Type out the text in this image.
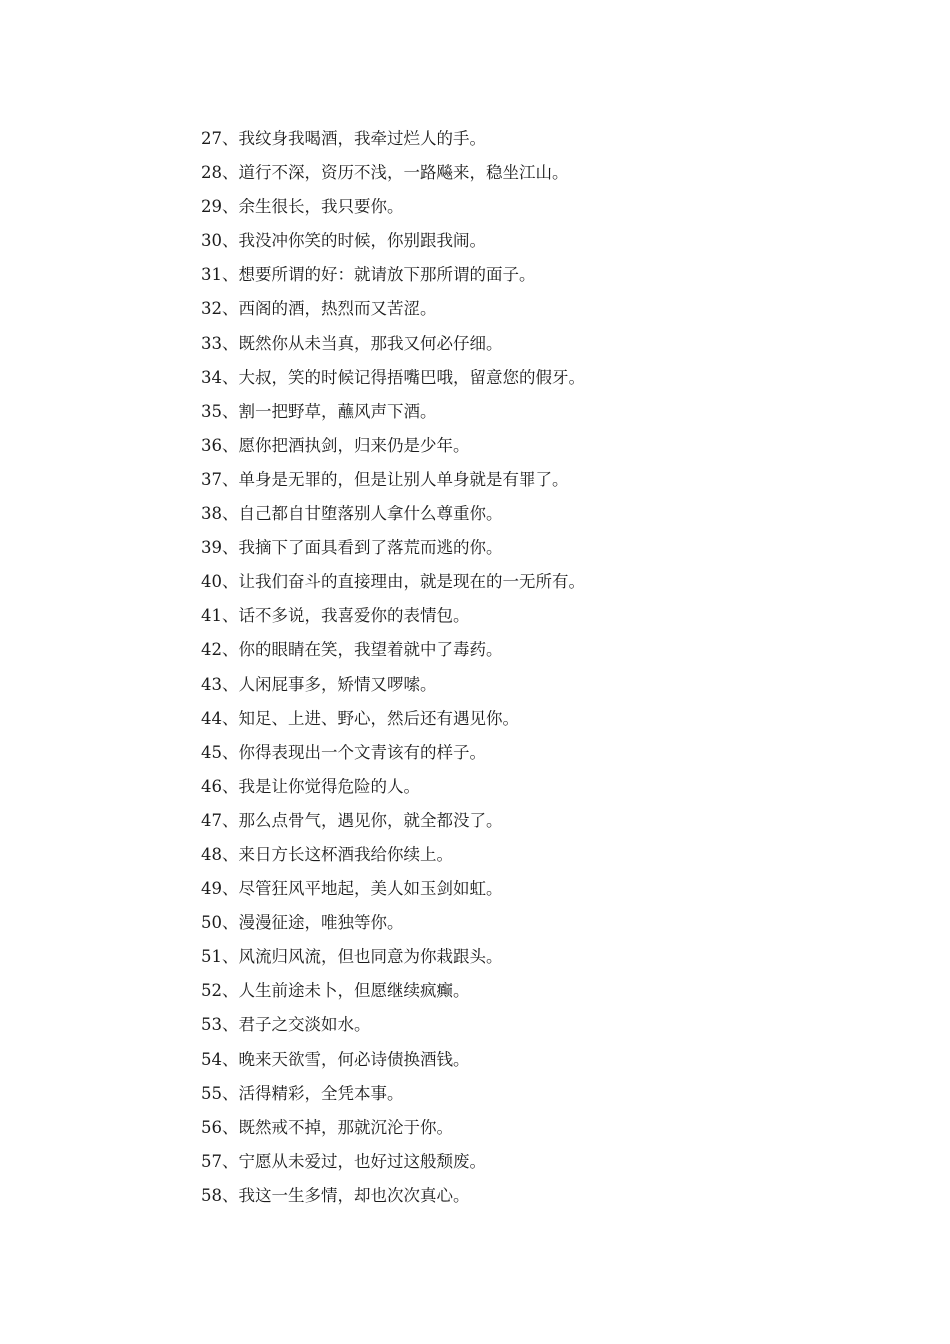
27、我纹身我喝酒，我牵过烂人的手。
28、道行不深，资历不浅，一路飚来，稳坐江山。
29、余生很长，我只要你。
30、我没冲你笑的时候，你别跟我闹。
31、想要所谓的好：就请放下那所谓的面子。
32、西阁的酒，热烈而又苦涩。
33、既然你从未当真，那我又何必仔细。
34、大叔，笑的时候记得捂嘴巴哦，留意您的假牙。
35、割一把野草，蘸风声下酒。
36、愿你把酒执剑，归来仍是少年。
37、单身是无罪的，但是让别人单身就是有罪了。
38、自己都自甘堕落别人拿什么尊重你。
39、我摘下了面具看到了落荒而逃的你。
40、让我们奋斗的直接理由，就是现在的一无所有。
41、话不多说，我喜爱你的表情包。
42、你的眼睛在笑，我望着就中了毒药。
43、人闲屁事多，矫情又啰嗦。
44、知足、上进、野心，然后还有遇见你。
45、你得表现出一个文青该有的样子。
46、我是让你觉得危险的人。
47、那么点骨气，遇见你，就全都没了。
48、来日方长这杯酒我给你续上。
49、尽管狂风平地起，美人如玉剑如虹。
50、漫漫征途，唯独等你。
51、风流归风流，但也同意为你栽跟头。
52、人生前途未卜，但愿继续疯癫。
53、君子之交淡如水。
54、晚来天欲雪，何必诗债换酒钱。
55、活得精彩，全凭本事。
56、既然戒不掉，那就沉沦于你。
57、宁愿从未爱过，也好过这般颓废。
58、我这一生多情，却也次次真心。
